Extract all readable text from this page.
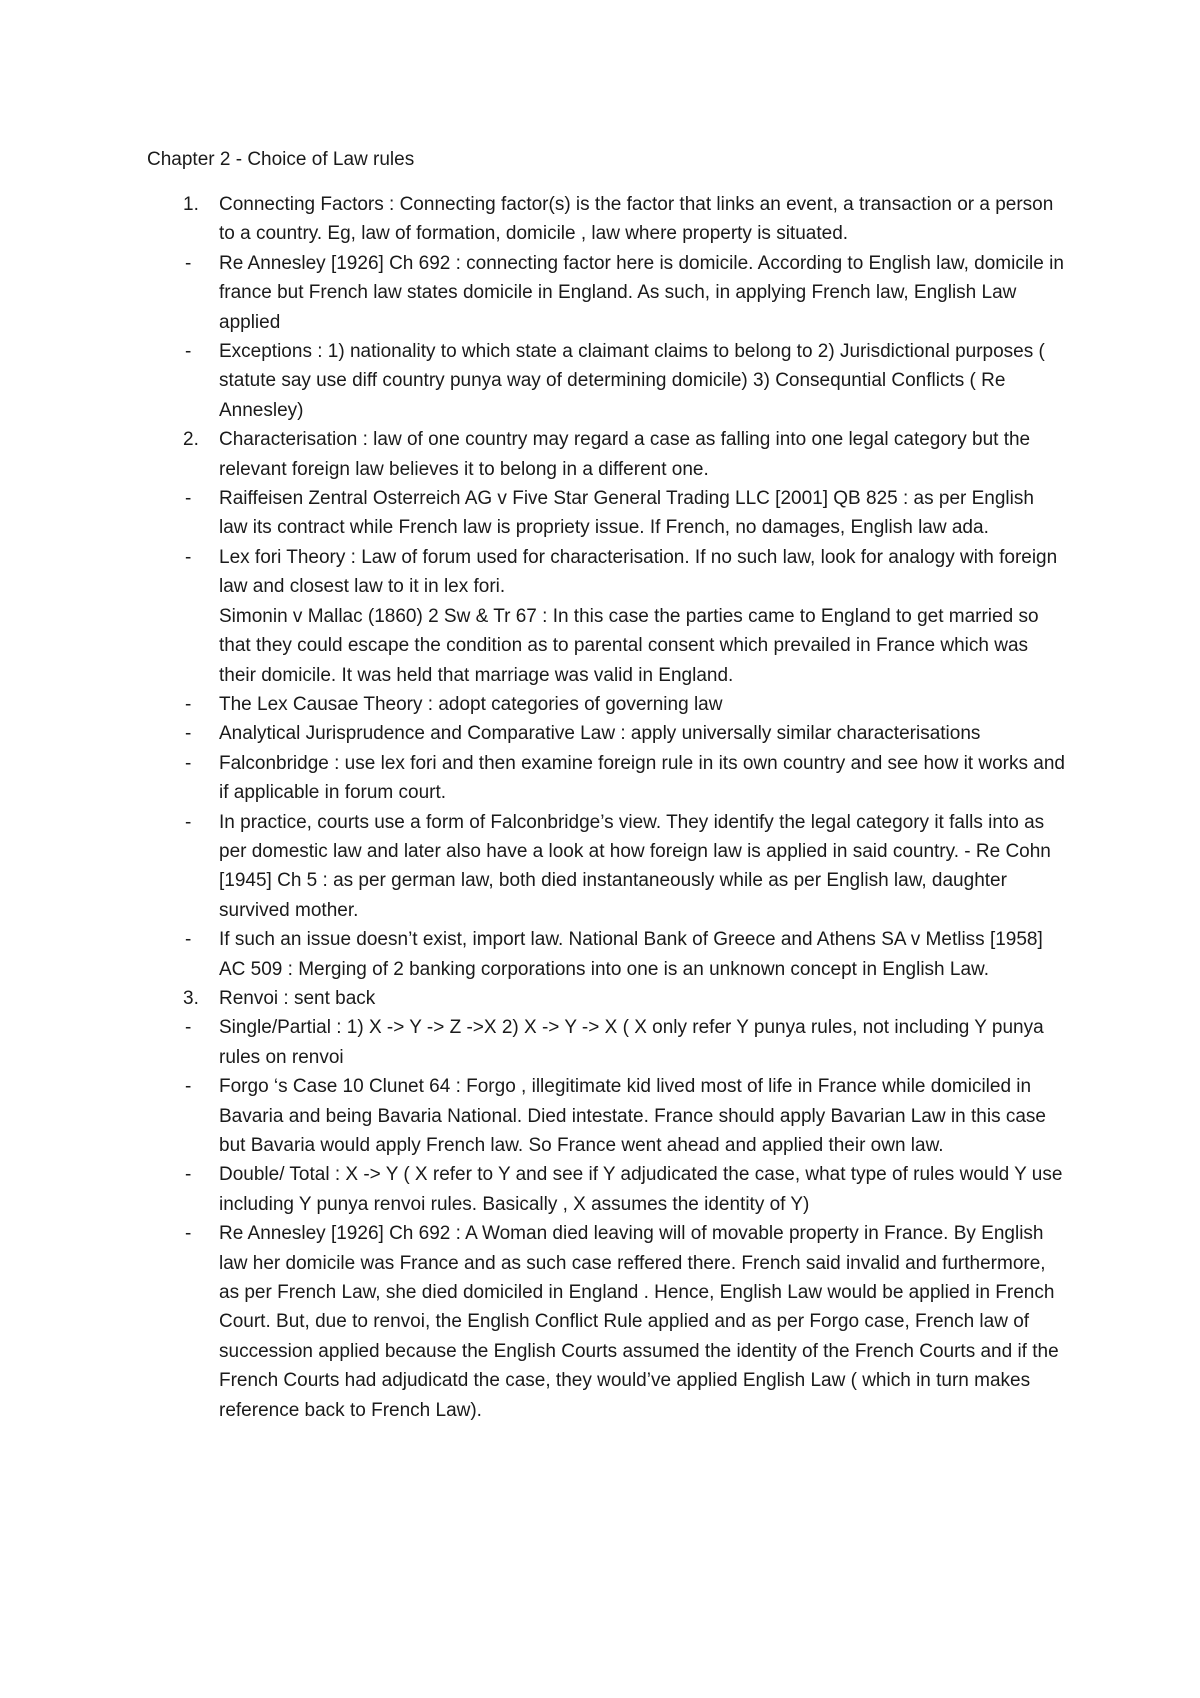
Chapter 2 - Choice of Law rules
1.	Connecting Factors : Connecting factor(s) is the factor that links an event, a transaction or a person to a country. Eg, law of formation, domicile , law where property is situated.
-	Re Annesley [1926] Ch 692 : connecting factor here is domicile. According to English law, domicile in france but French law states domicile in England. As such, in applying French law, English Law applied
-	Exceptions : 1) nationality to which state a claimant claims to belong to 2) Jurisdictional purposes ( statute say use diff country punya way of determining domicile) 3) Consequntial Conflicts ( Re Annesley)
2.	Characterisation : law of one country may regard a case as falling into one legal category but the relevant foreign law believes it to belong in a different one.
-	Raiffeisen Zentral Osterreich AG v Five Star General Trading LLC [2001] QB 825 : as per English law its contract while French law is propriety issue. If French, no damages, English law ada.
-	Lex fori Theory : Law of forum used for characterisation. If no such law, look for analogy with foreign law and closest law to it in lex fori.
Simonin v Mallac (1860) 2 Sw & Tr 67 : In this case the parties came to England to get married so that they could escape the condition as to parental consent which prevailed in France which was their domicile. It was held that marriage was valid in England.
-	The Lex Causae Theory : adopt categories of governing law
-	Analytical Jurisprudence and Comparative Law : apply universally similar characterisations
-	Falconbridge : use lex fori and then examine foreign rule in its own country and see how it works and if applicable in forum court.
-	In practice, courts use a form of Falconbridge’s view. They identify the legal category it falls into as per domestic law and later also have a look at how foreign law is applied in said country. - Re Cohn [1945] Ch 5 : as per german law, both died instantaneously while as per English law, daughter survived mother.
-	If such an issue doesn’t exist, import law. National Bank of Greece and Athens SA v Metliss [1958] AC 509 : Merging of 2 banking corporations into one is an unknown concept in English Law.
3.	Renvoi : sent back
-	Single/Partial : 1) X -> Y -> Z ->X 2) X -> Y -> X ( X only refer Y punya rules, not including Y punya rules on renvoi
-	Forgo ‘s Case 10 Clunet 64 : Forgo , illegitimate kid lived most of life in France while domiciled in Bavaria and being Bavaria National. Died intestate. France should apply Bavarian Law in this case but Bavaria would apply French law. So France went ahead and applied their own law.
-	Double/ Total : X -> Y ( X refer to Y and see if Y adjudicated the case, what type of rules would Y use including Y punya renvoi rules. Basically , X assumes the identity of Y)
-	Re Annesley [1926] Ch 692 : A Woman died leaving will of movable property in France. By English law her domicile was France and as such case reffered there. French said invalid and furthermore, as per French Law, she died domiciled in England . Hence, English Law would be applied in French Court. But, due to renvoi, the English Conflict Rule applied and as per Forgo case, French law of succession applied because the English Courts assumed the identity of the French Courts and if the French Courts had adjudicatd the case, they would’ve applied English Law ( which in turn makes reference back to French Law).
